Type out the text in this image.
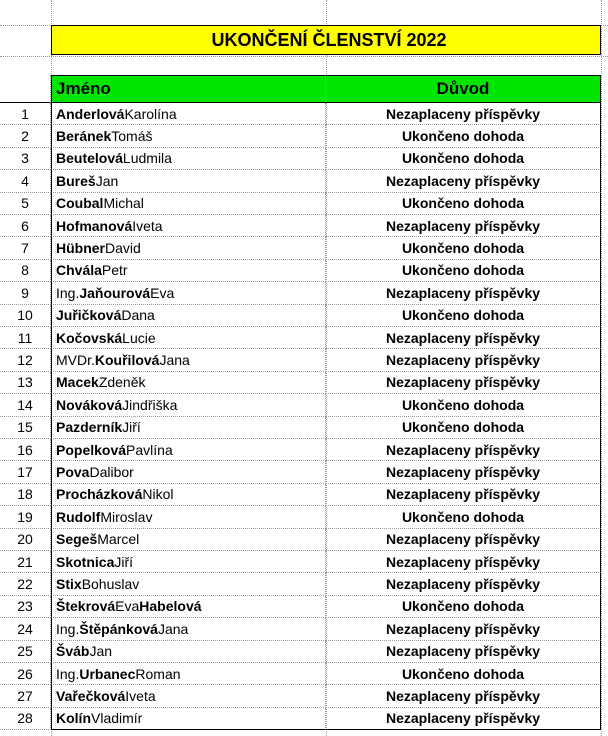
UKONČENÍ ČLENSTVÍ 2022
Jméno	Důvod
1 Anderlová Karolína	Nezaplaceny příspěvky
2 Beránek Tomáš	Ukončeno dohoda
3 Beutelová Ludmila	Ukončeno dohoda
4 Bureš Jan	Nezaplaceny příspěvky
5 Coubal Michal	Ukončeno dohoda
6 Hofmanová Iveta	Nezaplaceny příspěvky
7 Hübner David	Ukončeno dohoda
8 Chvála Petr	Ukončeno dohoda
9 Ing. Jaňourová Eva	Nezaplaceny příspěvky
10 Juřičková Dana	Ukončeno dohoda
11 Kočovská Lucie	Nezaplaceny příspěvky
12 MVDr. Kouřilová Jana	Nezaplaceny příspěvky
13 Macek Zdeněk	Nezaplaceny příspěvky
14 Nováková Jindřiška	Ukončeno dohoda
15 Pazderník Jiří	Ukončeno dohoda
16 Popelková Pavlína	Nezaplaceny příspěvky
17 Pova Dalibor	Nezaplaceny příspěvky
18 Procházková Nikol	Nezaplaceny příspěvky
19 Rudolf Miroslav	Ukončeno dohoda
20 Segeš Marcel	Nezaplaceny příspěvky
21 Skotnica Jiří	Nezaplaceny příspěvky
22 Stix Bohuslav	Nezaplaceny příspěvky
23 Štekrová Eva Habelová	Ukončeno dohoda
24 Ing. Štěpánková Jana	Nezaplaceny příspěvky
25 Šváb Jan	Nezaplaceny příspěvky
26 Ing. Urbanec Roman	Ukončeno dohoda
27 Vařečková Iveta	Nezaplaceny příspěvky
28 Kolín Vladimír	Nezaplaceny příspěvky
